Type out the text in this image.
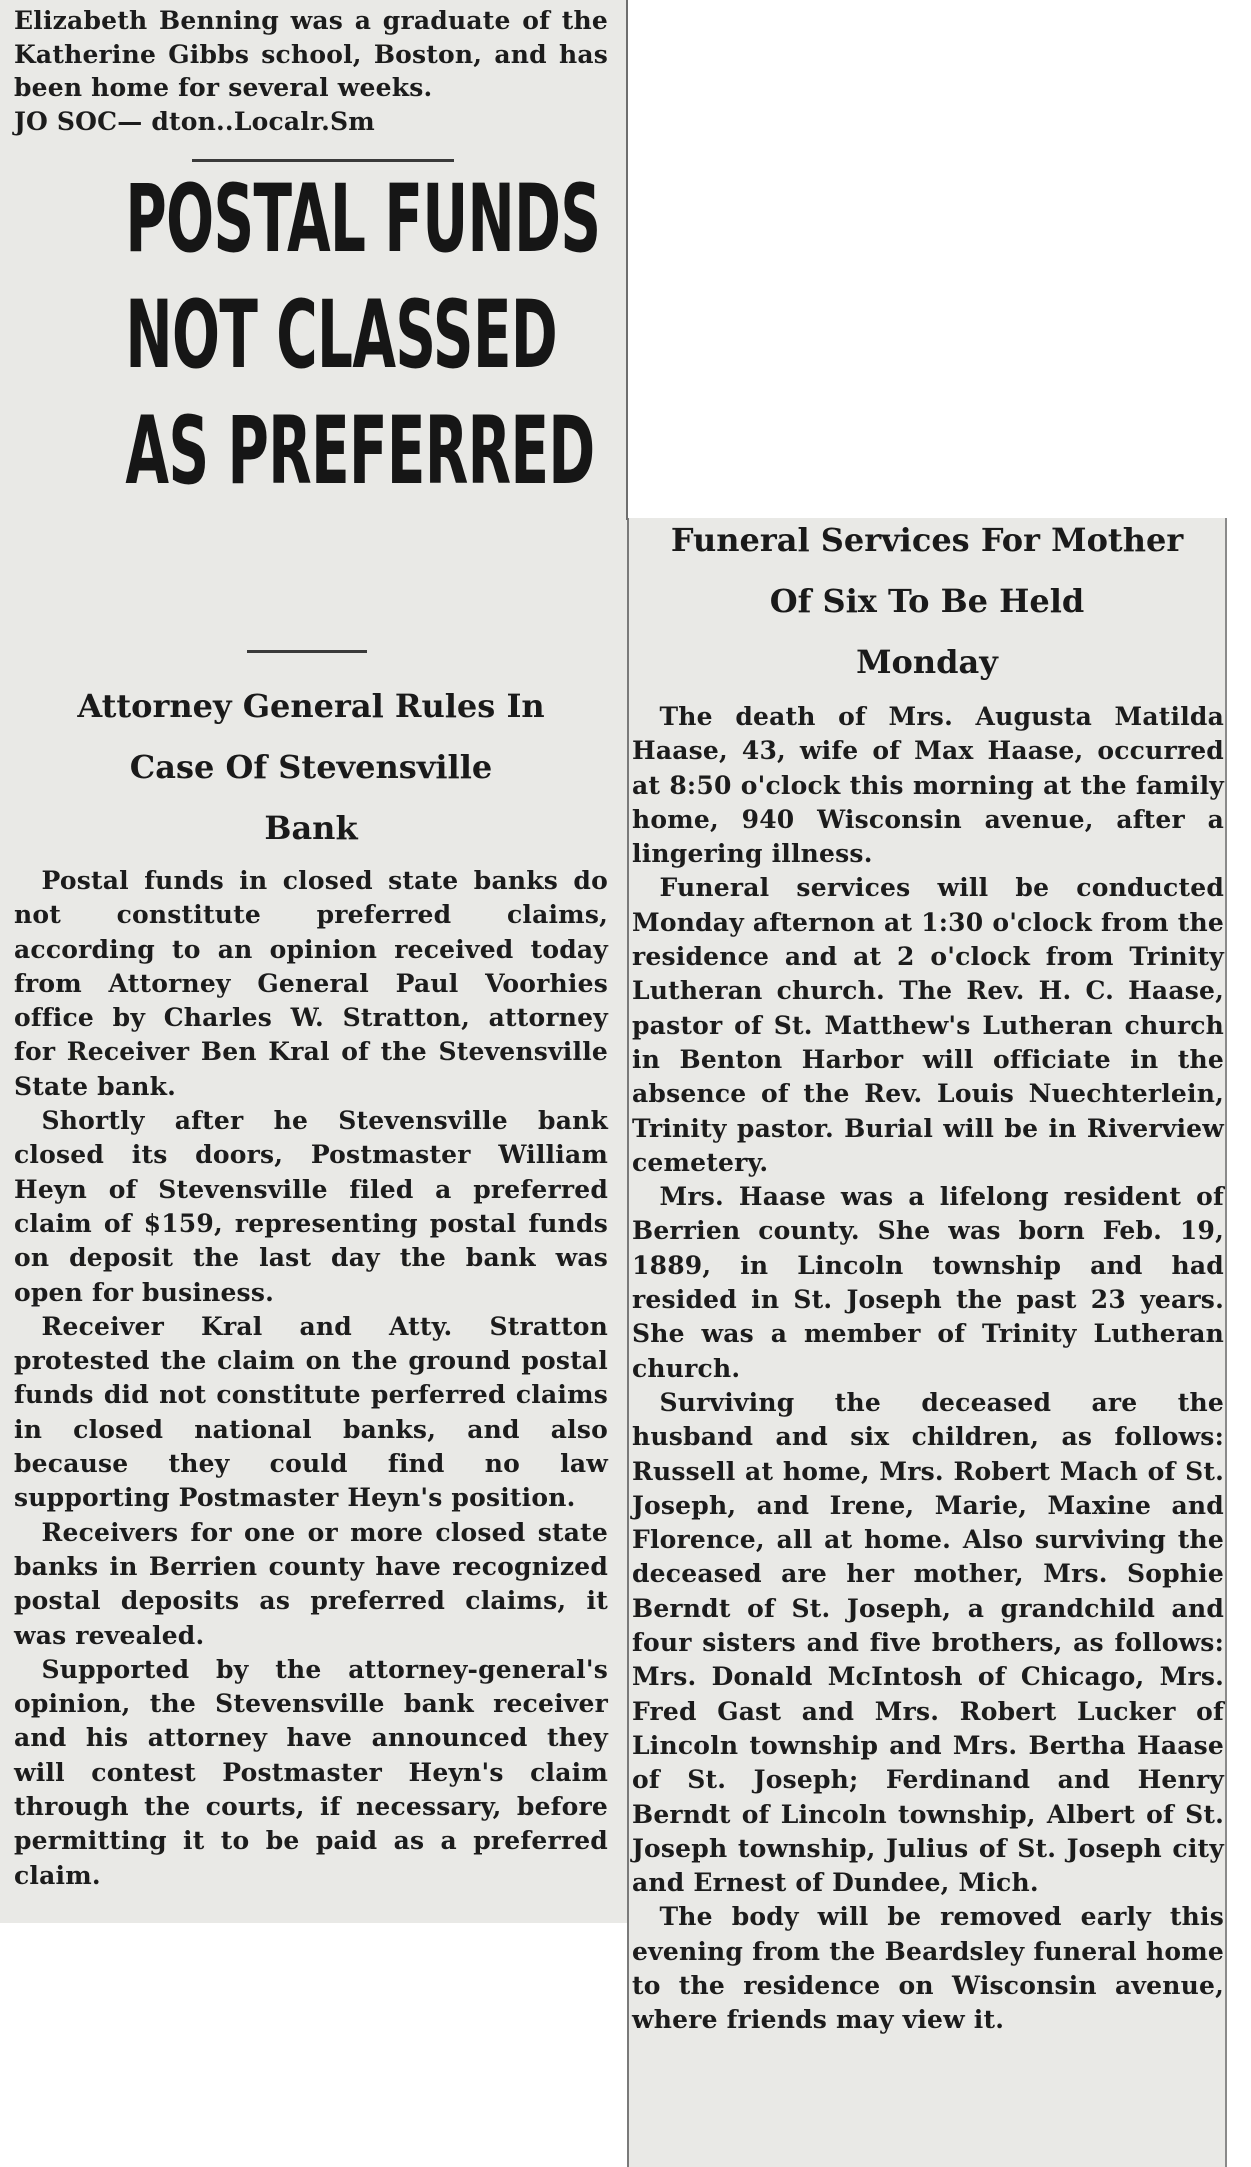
Elizabeth Benning was a graduate of the Katherine Gibbs school, Boston, and has been home for several weeks.

JO SOC— dton..Localr.Sm

POSTAL FUNDS
NOT CLASSED
AS PREFERRED
Attorney General Rules In
Case Of Stevensville
Bank

Postal funds in closed state banks do not constitute preferred claims, according to an opinion received today from Attorney General Paul Voorhies office by Charles W. Stratton, attorney for Receiver Ben Kral of the Stevensville State bank.

Shortly after he Stevensville bank closed its doors, Postmaster William Heyn of Stevensville filed a preferred claim of $159, representing postal funds on deposit the last day the bank was open for business.

Receiver Kral and Atty. Stratton protested the claim on the ground postal funds did not constitute perferred claims in closed national banks, and also because they could find no law supporting Postmaster Heyn's position.

Receivers for one or more closed state banks in Berrien county have recognized postal deposits as preferred claims, it was revealed.

Supported by the attorney-general's opinion, the Stevensville bank receiver and his attorney have announced they will contest Postmaster Heyn's claim through the courts, if necessary, before permitting it to be paid as a preferred claim.

Funeral Services For Mother
Of Six To Be Held
Monday

The death of Mrs. Augusta Matilda Haase, 43, wife of Max Haase, occurred at 8:50 o'clock this morning at the family home, 940 Wisconsin avenue, after a lingering illness.

Funeral services will be conducted Monday afternon at 1:30 o'clock from the residence and at 2 o'clock from Trinity Lutheran church. The Rev. H. C. Haase, pastor of St. Matthew's Lutheran church in Benton Harbor will officiate in the absence of the Rev. Louis Nuechterlein, Trinity pastor. Burial will be in Riverview cemetery.

Mrs. Haase was a lifelong resident of Berrien county. She was born Feb. 19, 1889, in Lincoln township and had resided in St. Joseph the past 23 years. She was a member of Trinity Lutheran church.

Surviving the deceased are the husband and six children, as follows: Russell at home, Mrs. Robert Mach of St. Joseph, and Irene, Marie, Maxine and Florence, all at home. Also surviving the deceased are her mother, Mrs. Sophie Berndt of St. Joseph, a grandchild and four sisters and five brothers, as follows: Mrs. Donald McIntosh of Chicago, Mrs. Fred Gast and Mrs. Robert Lucker of Lincoln township and Mrs. Bertha Haase of St. Joseph; Ferdinand and Henry Berndt of Lincoln township, Albert of St. Joseph township, Julius of St. Joseph city and Ernest of Dundee, Mich.

The body will be removed early this evening from the Beardsley funeral home to the residence on Wisconsin avenue, where friends may view it.
